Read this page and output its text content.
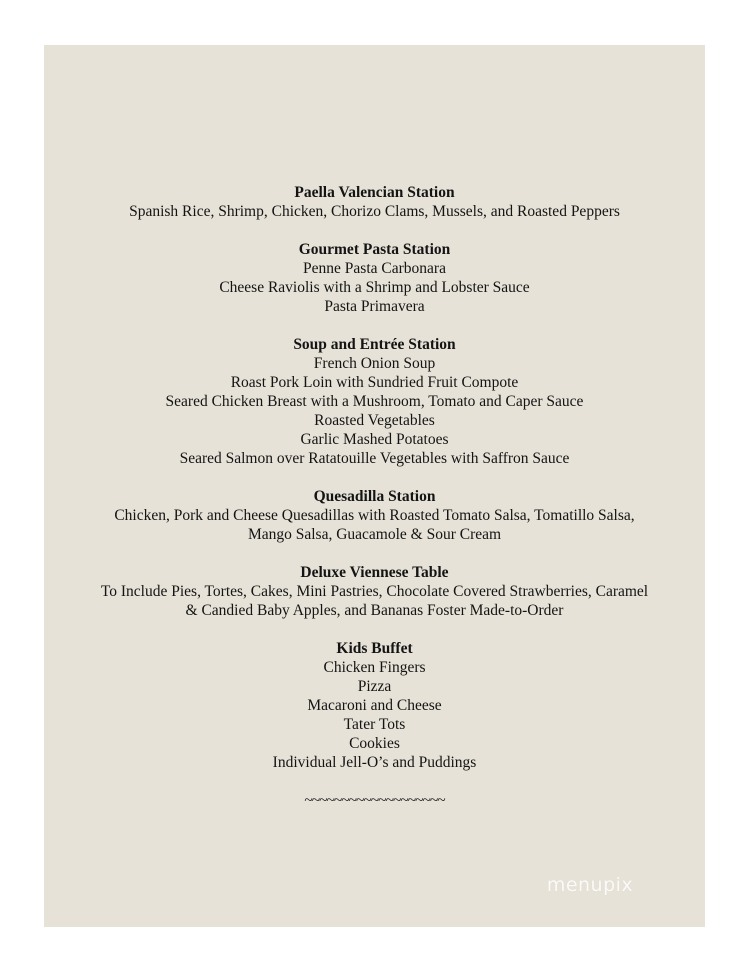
Paella Valencian Station
Spanish Rice, Shrimp, Chicken, Chorizo Clams, Mussels, and Roasted Peppers
Gourmet Pasta Station
Penne Pasta Carbonara
Cheese Raviolis with a Shrimp and Lobster Sauce
Pasta Primavera
Soup and Entrée Station
French Onion Soup
Roast Pork Loin with Sundried Fruit Compote
Seared Chicken Breast with a Mushroom, Tomato and Caper Sauce
Roasted Vegetables
Garlic Mashed Potatoes
Seared Salmon over Ratatouille Vegetables with Saffron Sauce
Quesadilla Station
Chicken, Pork and Cheese Quesadillas with Roasted Tomato Salsa, Tomatillo Salsa,
Mango Salsa, Guacamole & Sour Cream
Deluxe Viennese Table
To Include Pies, Tortes, Cakes, Mini Pastries, Chocolate Covered Strawberries, Caramel
& Candied Baby Apples, and Bananas Foster Made-to-Order
Kids Buffet
Chicken Fingers
Pizza
Macaroni and Cheese
Tater Tots
Cookies
Individual Jell-O’s and Puddings
~~~~~~~~~~~~~~~~~~~
menupix
